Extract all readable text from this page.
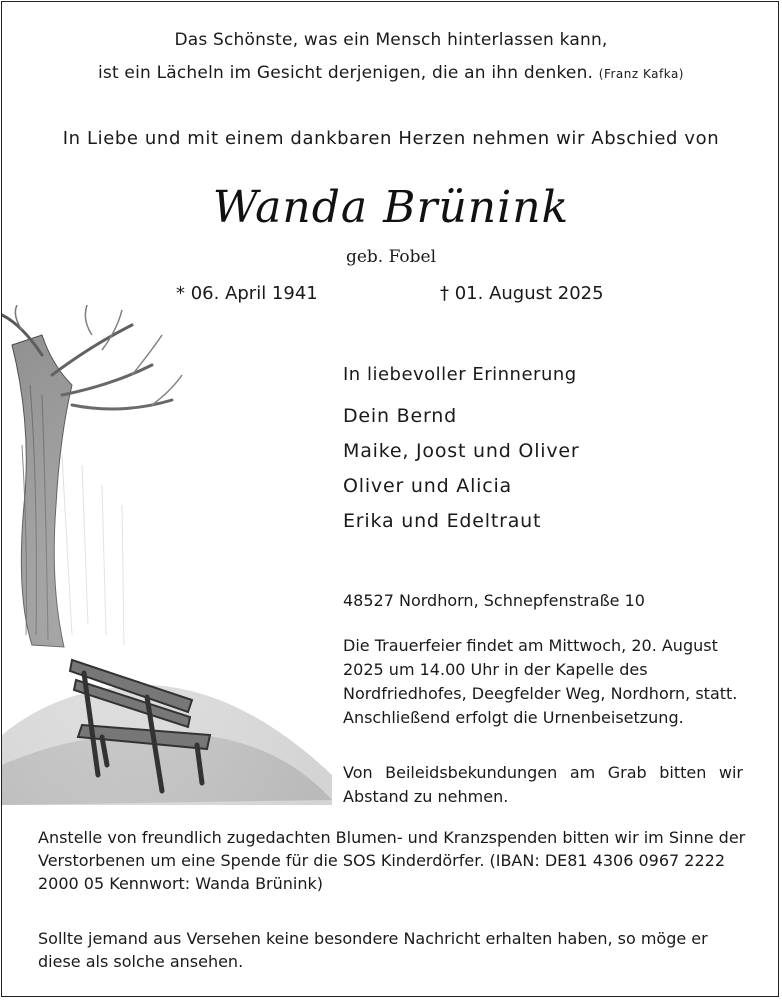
Das Schönste, was ein Mensch hinterlassen kann,
ist ein Lächeln im Gesicht derjenigen, die an ihn denken. (Franz Kafka)
In Liebe und mit einem dankbaren Herzen nehmen wir Abschied von
Wanda Brünink
geb. Fobel
* 06. April 1941	† 01. August 2025
In liebevoller Erinnerung
Dein Bernd
Maike, Joost und Oliver
Oliver und Alicia
Erika und Edeltraut
48527 Nordhorn, Schnepfenstraße 10
Die Trauerfeier findet am Mittwoch, 20. August 2025 um 14.00 Uhr in der Kapelle des Nordfriedhofes, Deegfelder Weg, Nordhorn, statt. Anschließend erfolgt die Urnenbeisetzung.
Von Beileidsbekundungen am Grab bitten wir Abstand zu nehmen.
Anstelle von freundlich zugedachten Blumen- und Kranzspenden bitten wir im Sinne der Verstorbenen um eine Spende für die SOS Kinderdörfer. (IBAN: DE81 4306 0967 2222 2000 05 Kennwort: Wanda Brünink)
Sollte jemand aus Versehen keine besondere Nachricht erhalten haben, so möge er diese als solche ansehen.
